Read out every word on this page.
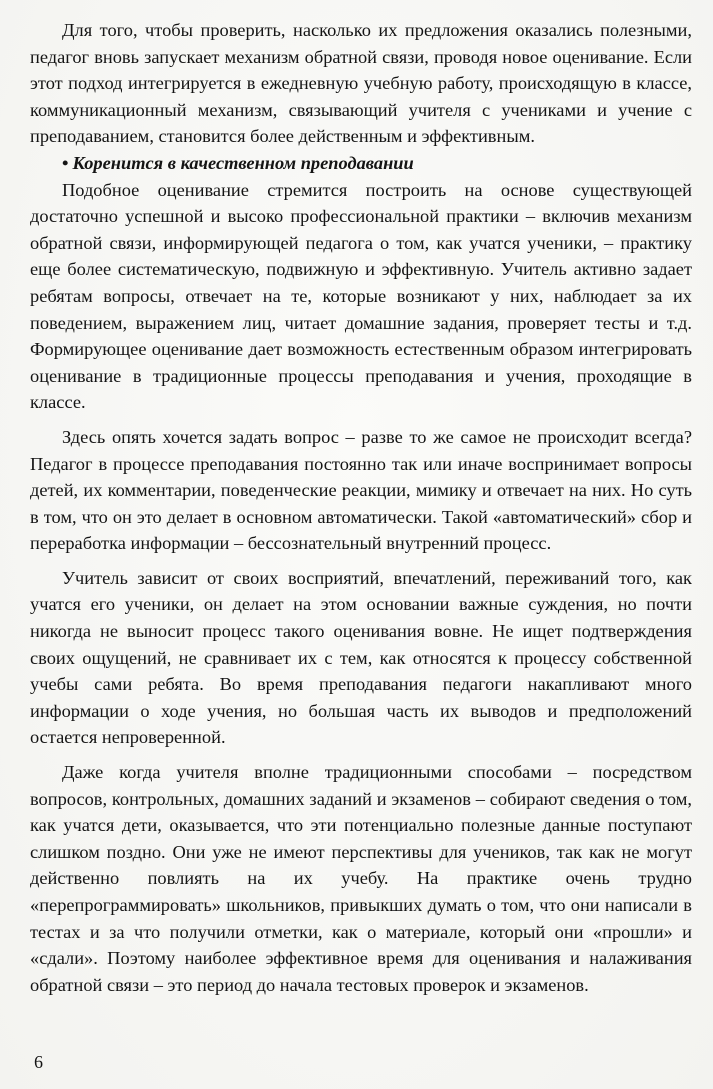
Для того, чтобы проверить, насколько их предложения оказались полезными, педагог вновь запускает механизм обратной связи, проводя новое оценивание. Если этот подход интегрируется в ежедневную учебную работу, происходящую в классе, коммуникационный механизм, связывающий учителя с учениками и учение с преподаванием, становится более действенным и эффективным.

• Коренится в качественном преподавании

Подобное оценивание стремится построить на основе существующей достаточно успешной и высоко профессиональной практики – включив механизм обратной связи, информирующей педагога о том, как учатся ученики, – практику еще более систематическую, подвижную и эффективную. Учитель активно задает ребятам вопросы, отвечает на те, которые возникают у них, наблюдает за их поведением, выражением лиц, читает домашние задания, проверяет тесты и т.д. Формирующее оценивание дает возможность естественным образом интегрировать оценивание в традиционные процессы преподавания и учения, проходящие в классе.

Здесь опять хочется задать вопрос – разве то же самое не происходит всегда? Педагог в процессе преподавания постоянно так или иначе воспринимает вопросы детей, их комментарии, поведенческие реакции, мимику и отвечает на них. Но суть в том, что он это делает в основном автоматически. Такой «автоматический» сбор и переработка информации – бессознательный внутренний процесс.

Учитель зависит от своих восприятий, впечатлений, переживаний того, как учатся его ученики, он делает на этом основании важные суждения, но почти никогда не выносит процесс такого оценивания вовне. Не ищет подтверждения своих ощущений, не сравнивает их с тем, как относятся к процессу собственной учебы сами ребята. Во время преподавания педагоги накапливают много информации о ходе учения, но большая часть их выводов и предположений остается непроверенной.

Даже когда учителя вполне традиционными способами – посредством вопросов, контрольных, домашних заданий и экзаменов – собирают сведения о том, как учатся дети, оказывается, что эти потенциально полезные данные поступают слишком поздно. Они уже не имеют перспективы для учеников, так как не могут действенно повлиять на их учебу. На практике очень трудно «перепрограммировать» школьников, привыкших думать о том, что они написали в тестах и за что получили отметки, как о материале, который они «прошли» и «сдали». Поэтому наиболее эффективное время для оценивания и налаживания обратной связи – это период до начала тестовых проверок и экзаменов.

6
